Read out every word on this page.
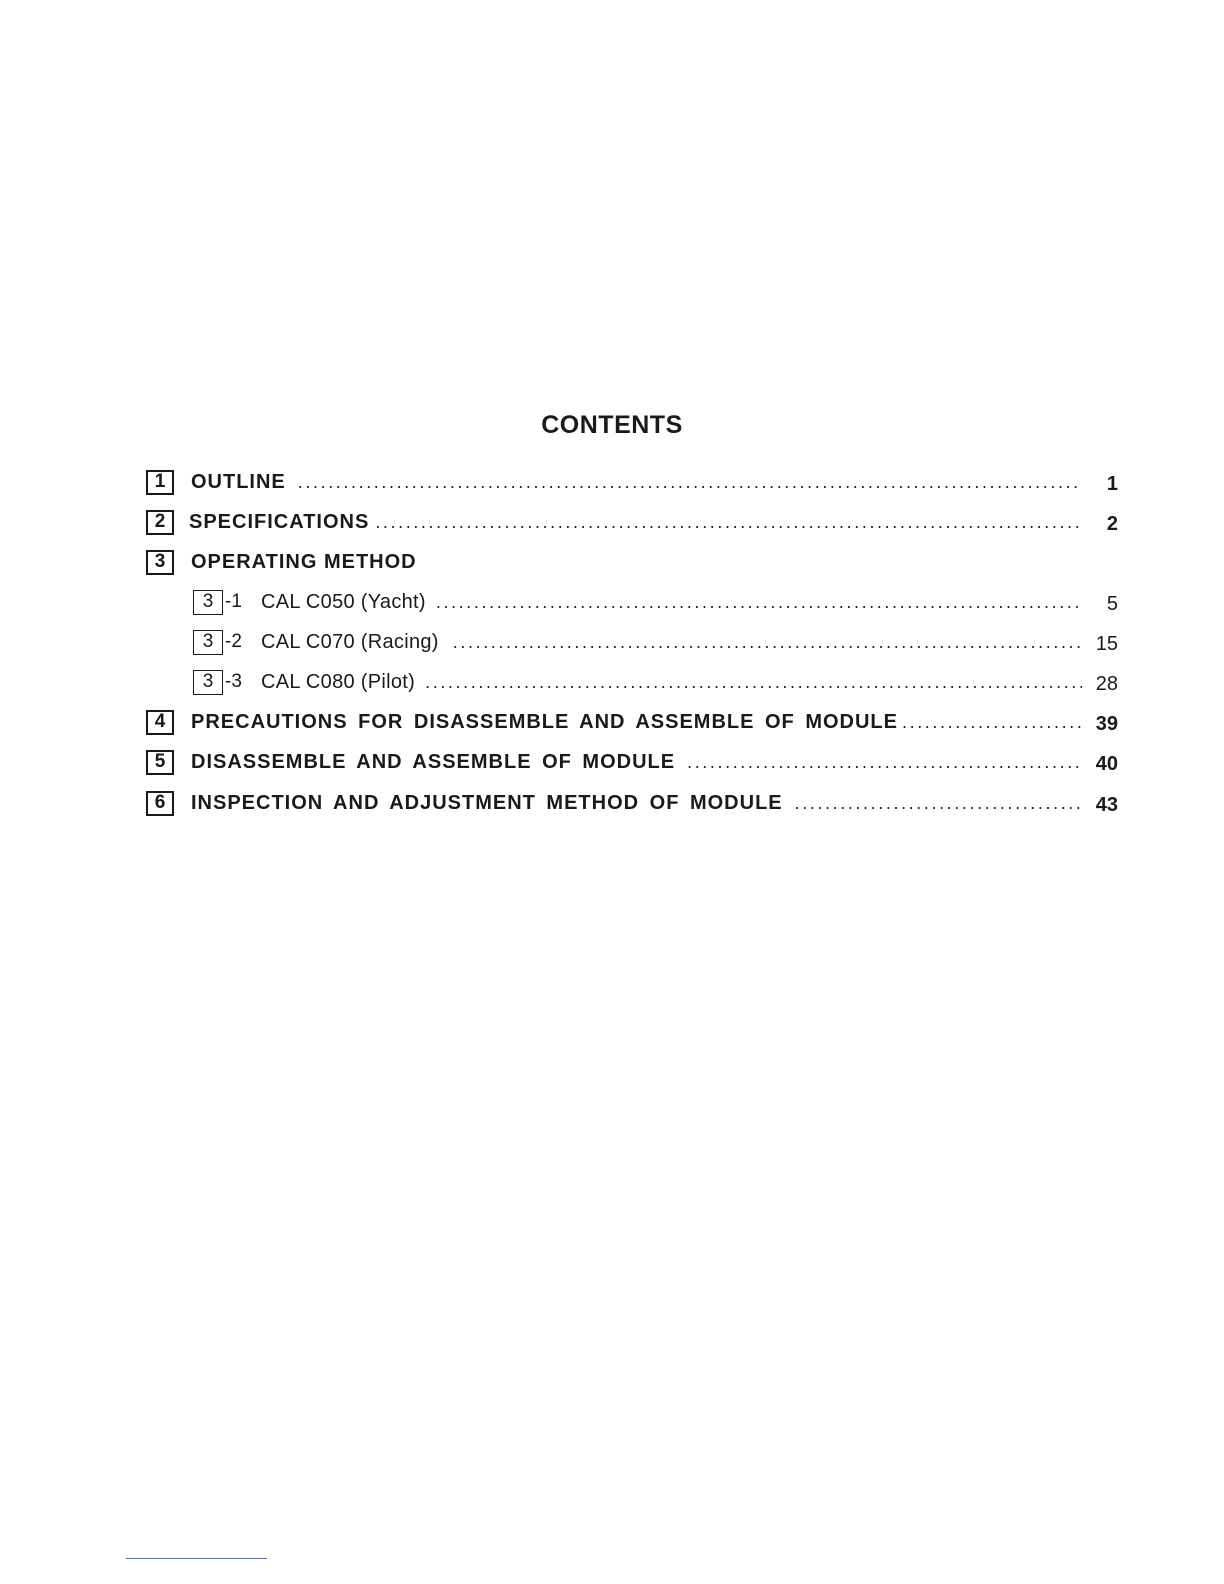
CONTENTS
1	OUTLINE . . .	1
2	SPECIFICATIONS . . .	2
3	OPERATING METHOD
3 -1 CAL C050 (Yacht) . . .	5
3 -2 CAL C070 (Racing) . . .	15
3 -3 CAL C080 (Pilot) . . .	28
4	PRECAUTIONS FOR DISASSEMBLE AND ASSEMBLE OF MODULE . . .	39
5	DISASSEMBLE AND ASSEMBLE OF MODULE . . .	40
6	INSPECTION AND ADJUSTMENT METHOD OF MODULE . . .	43
